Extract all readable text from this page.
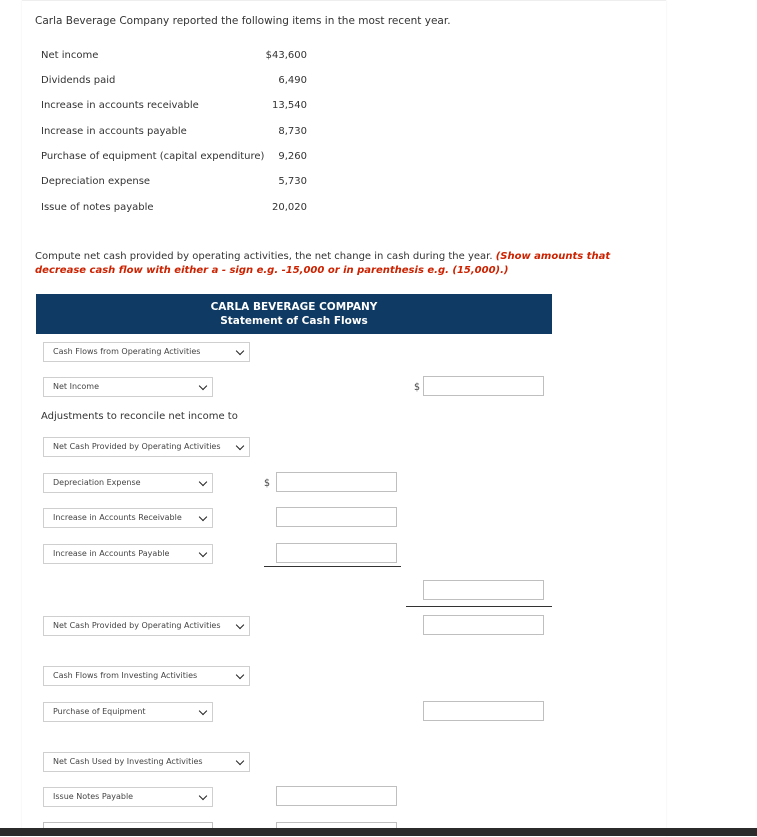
Carla Beverage Company reported the following items in the most recent year.
Net income	$43,600
Dividends paid	6,490
Increase in accounts receivable	13,540
Increase in accounts payable	8,730
Purchase of equipment (capital expenditure)	9,260
Depreciation expense	5,730
Issue of notes payable	20,020
Compute net cash provided by operating activities, the net change in cash during the year. (Show amounts that decrease cash flow with either a - sign e.g. -15,000 or in parenthesis e.g. (15,000).)
CARLA BEVERAGE COMPANY
Statement of Cash Flows
Cash Flows from Operating Activities
Net Income	$
Adjustments to reconcile net income to
Net Cash Provided by Operating Activities
Depreciation Expense	$
Increase in Accounts Receivable
Increase in Accounts Payable
Net Cash Provided by Operating Activities
Cash Flows from Investing Activities
Purchase of Equipment
Net Cash Used by Investing Activities
Issue Notes Payable
